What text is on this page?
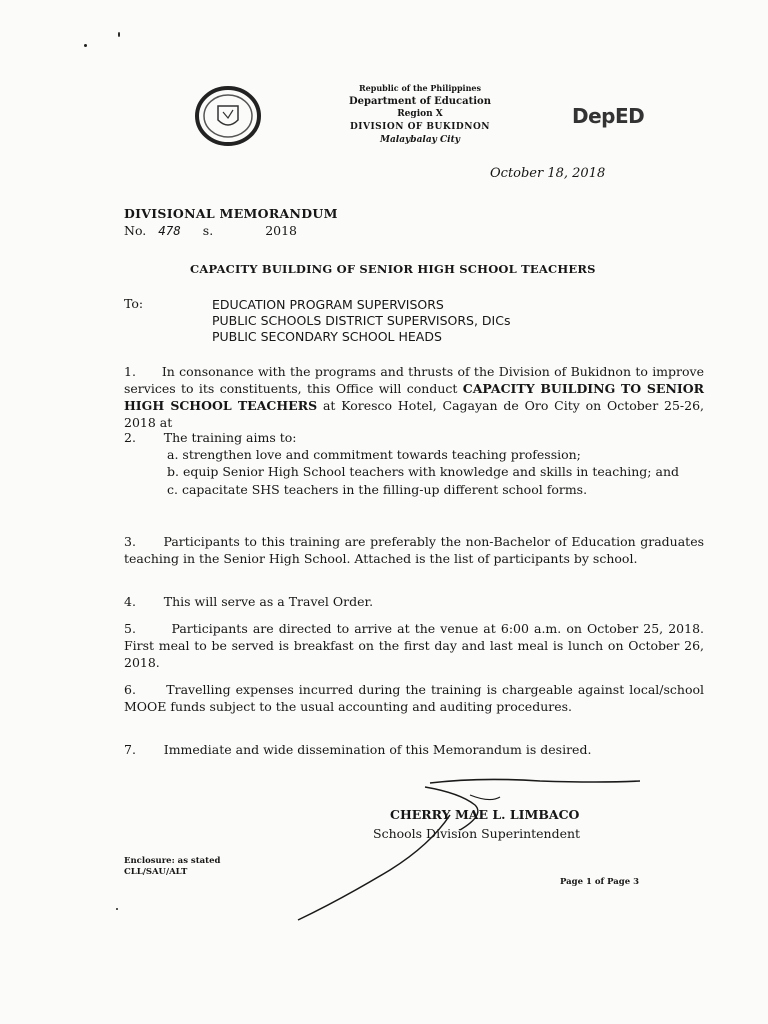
Republic of the Philippines
Department of Education
Region X
DIVISION OF BUKIDNON
Malaybalay City
DepED
October 18, 2018
DIVISIONAL MEMORANDUM
No. 478 s.	2018
CAPACITY BUILDING OF SENIOR HIGH SCHOOL TEACHERS
To:	EDUCATION PROGRAM SUPERVISORS
PUBLIC SCHOOLS DISTRICT SUPERVISORS, DICs
PUBLIC SECONDARY SCHOOL HEADS
1. In consonance with the programs and thrusts of the Division of Bukidnon to improve services to its constituents, this Office will conduct CAPACITY BUILDING TO SENIOR HIGH SCHOOL TEACHERS at Koresco Hotel, Cagayan de Oro City on October 25-26, 2018 at
2. The training aims to:
a. strengthen love and commitment towards teaching profession;
b. equip Senior High School teachers with knowledge and skills in teaching; and
c. capacitate SHS teachers in the filling-up different school forms.
3. Participants to this training are preferably the non-Bachelor of Education graduates teaching in the Senior High School. Attached is the list of participants by school.
4. This will serve as a Travel Order.
5.	Participants are directed to arrive at the venue at 6:00 a.m. on October 25, 2018. First meal to be served is breakfast on the first day and last meal is lunch on October 26, 2018.
6. Travelling expenses incurred during the training is chargeable against local/school MOOE funds subject to the usual accounting and auditing procedures.
7. Immediate and wide dissemination of this Memorandum is desired.
CHERRY MAE L. LIMBACO
Schools Division Superintendent
Enclosure: as stated
CLL/SAU/ALT
Page 1 of Page 3
